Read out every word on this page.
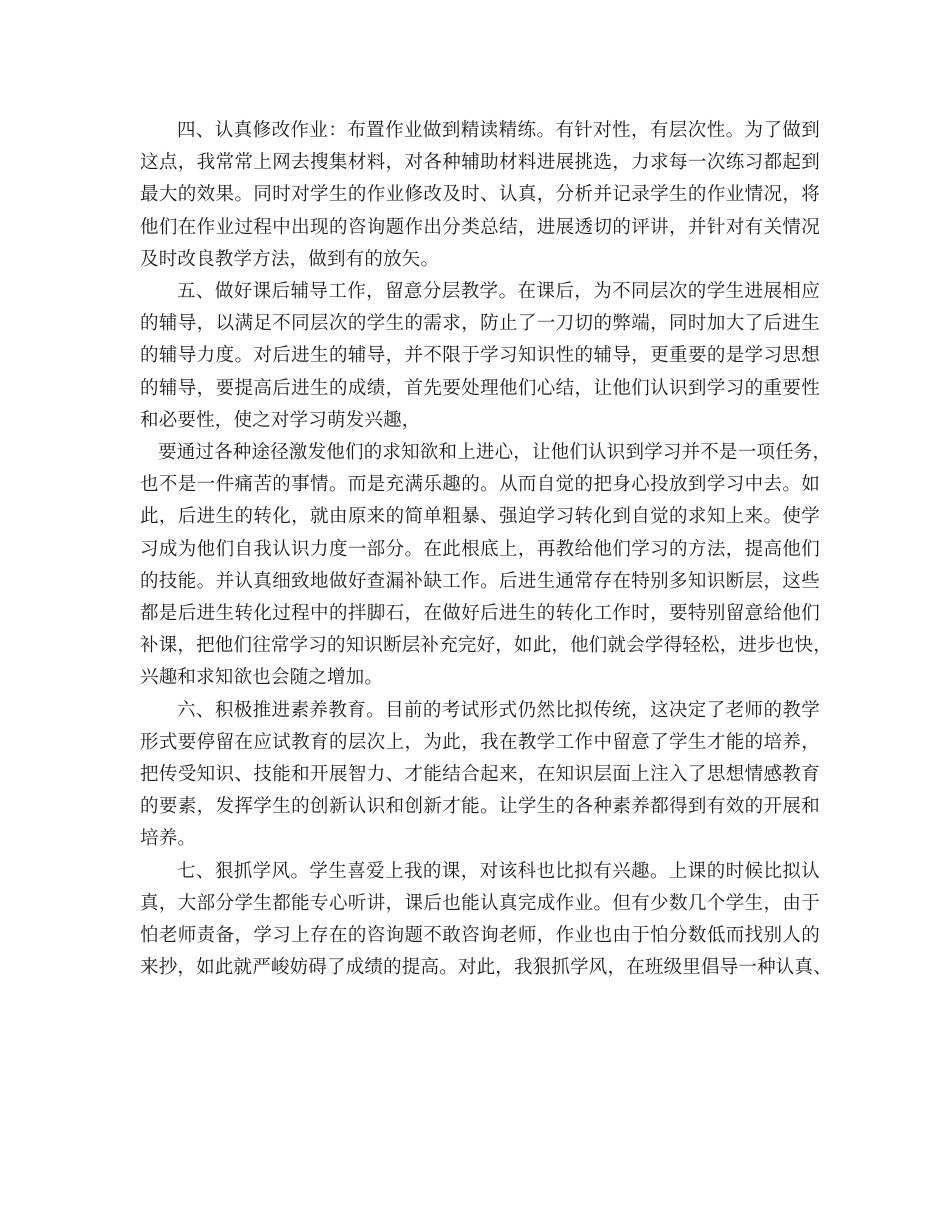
四、认真修改作业：布置作业做到精读精练。有针对性，有层次性。为了做到
这点，我常常上网去搜集材料，对各种辅助材料进展挑选，力求每一次练习都起到
最大的效果。同时对学生的作业修改及时、认真，分析并记录学生的作业情况，将
他们在作业过程中出现的咨询题作出分类总结，进展透切的评讲，并针对有关情况
及时改良教学方法，做到有的放矢。
五、做好课后辅导工作，留意分层教学。在课后，为不同层次的学生进展相应
的辅导，以满足不同层次的学生的需求，防止了一刀切的弊端，同时加大了后进生
的辅导力度。对后进生的辅导，并不限于学习知识性的辅导，更重要的是学习思想
的辅导，要提高后进生的成绩，首先要处理他们心结，让他们认识到学习的重要性
和必要性，使之对学习萌发兴趣，
要通过各种途径激发他们的求知欲和上进心，让他们认识到学习并不是一项任务，
也不是一件痛苦的事情。而是充满乐趣的。从而自觉的把身心投放到学习中去。如
此，后进生的转化，就由原来的简单粗暴、强迫学习转化到自觉的求知上来。使学
习成为他们自我认识力度一部分。在此根底上，再教给他们学习的方法，提高他们
的技能。并认真细致地做好查漏补缺工作。后进生通常存在特别多知识断层，这些
都是后进生转化过程中的拌脚石，在做好后进生的转化工作时，要特别留意给他们
补课，把他们往常学习的知识断层补充完好，如此，他们就会学得轻松，进步也快，
兴趣和求知欲也会随之增加。
六、积极推进素养教育。目前的考试形式仍然比拟传统，这决定了老师的教学
形式要停留在应试教育的层次上，为此，我在教学工作中留意了学生才能的培养，
把传受知识、技能和开展智力、才能结合起来，在知识层面上注入了思想情感教育
的要素，发挥学生的创新认识和创新才能。让学生的各种素养都得到有效的开展和
培养。
七、狠抓学风。学生喜爱上我的课，对该科也比拟有兴趣。上课的时候比拟认
真，大部分学生都能专心听讲，课后也能认真完成作业。但有少数几个学生，由于
怕老师责备，学习上存在的咨询题不敢咨询老师，作业也由于怕分数低而找别人的
来抄，如此就严峻妨碍了成绩的提高。对此，我狠抓学风，在班级里倡导一种认真、
